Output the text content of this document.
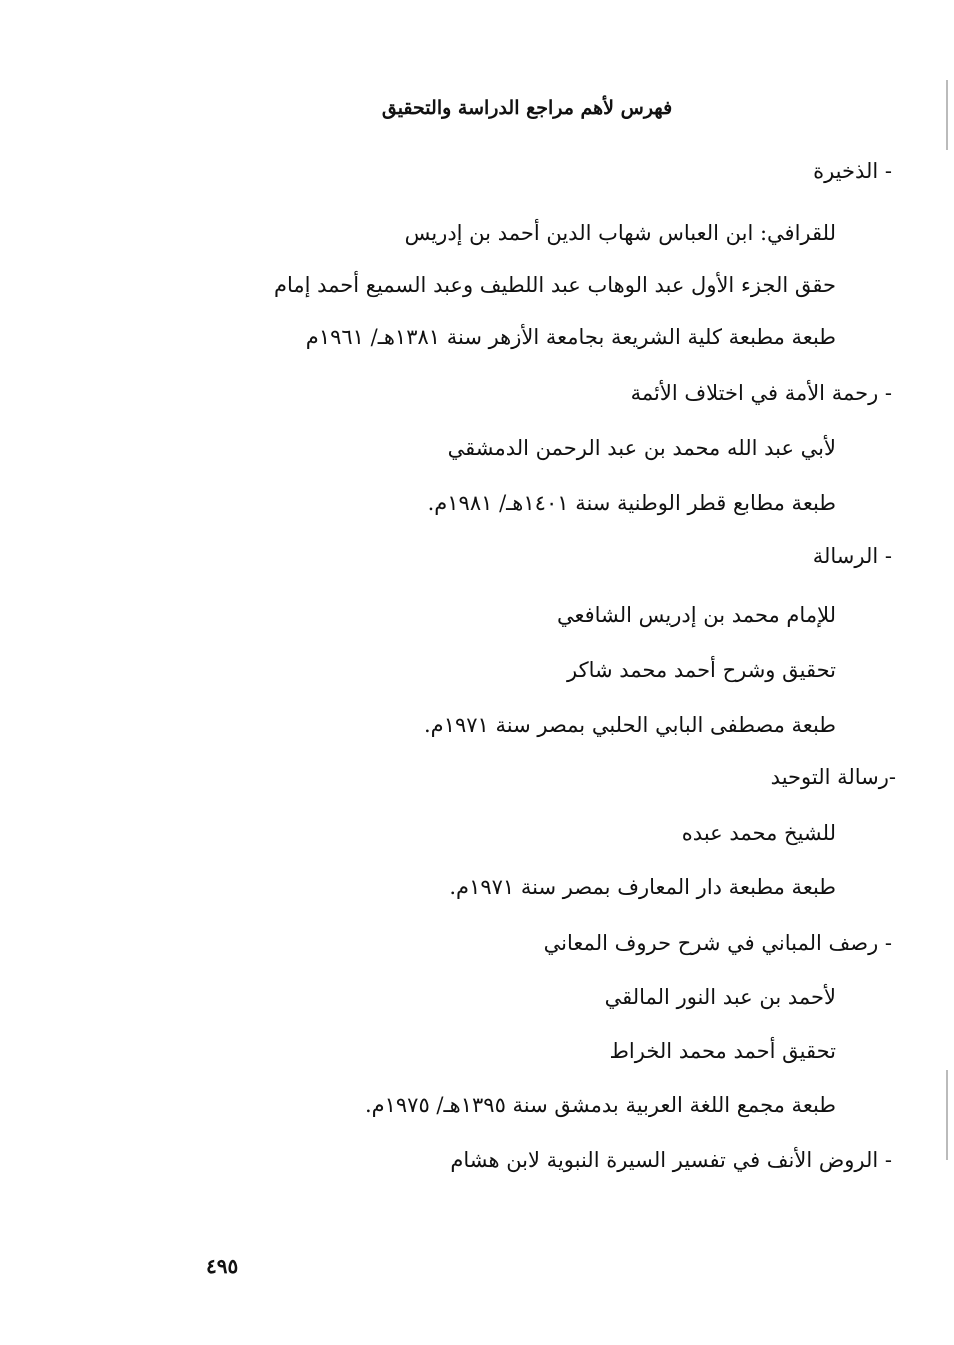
فهرس لأهم مراجع الدراسة والتحقيق
- الذخيرة
للقرافي: ابن العباس شهاب الدين أحمد بن إدريس
حقق الجزء الأول عبد الوهاب عبد اللطيف وعبد السميع أحمد إمام
طبعة مطبعة كلية الشريعة بجامعة الأزهر سنة ١٣٨١هـ/ ١٩٦١م
- رحمة الأمة في اختلاف الأئمة
لأبي عبد الله محمد بن عبد الرحمن الدمشقي
طبعة مطابع قطر الوطنية سنة ١٤٠١هـ/ ١٩٨١م.
- الرسالة
للإمام محمد بن إدريس الشافعي
تحقيق وشرح أحمد محمد شاكر
طبعة مصطفى البابي الحلبي بمصر سنة ١٩٧١م.
-رسالة التوحيد
للشيخ محمد عبده
طبعة مطبعة دار المعارف بمصر سنة ١٩٧١م.
- رصف المباني في شرح حروف المعاني
لأحمد بن عبد النور المالقي
تحقيق أحمد محمد الخراط
طبعة مجمع اللغة العربية بدمشق سنة ١٣٩٥هـ/ ١٩٧٥م.
- الروض الأنف في تفسير السيرة النبوية لابن هشام
٤٩٥
